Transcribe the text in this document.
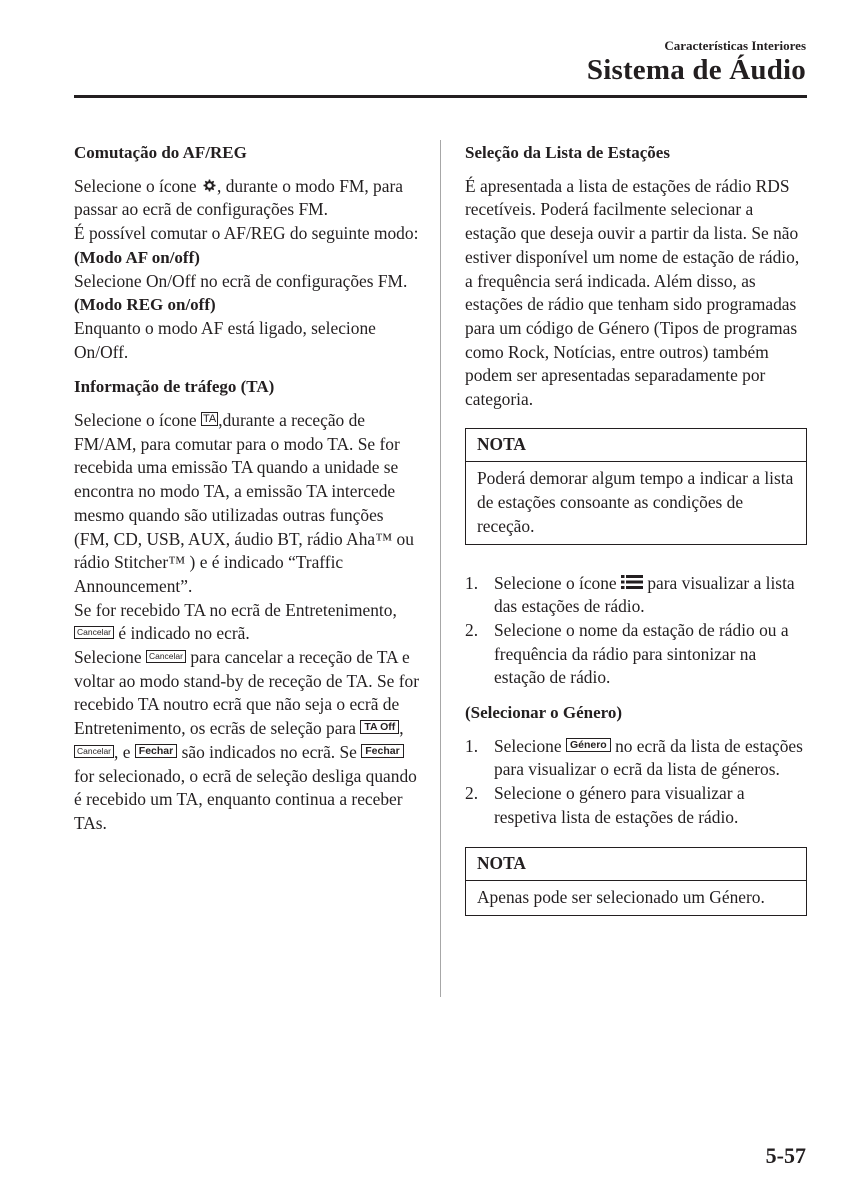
Características Interiores
Sistema de Áudio

Comutação do AF/REG

Selecione o ícone , durante o modo FM, para passar ao ecrã de configurações FM.

É possível comutar o AF/REG do seguinte modo:

(Modo AF on/off)

Selecione On/Off no ecrã de configurações FM.

(Modo REG on/off)

Enquanto o modo AF está ligado, selecione On/Off.

Informação de tráfego (TA)

Selecione o ícone TA ,durante a receção de FM/AM, para comutar para o modo TA. Se for recebida uma emissão TA quando a unidade se encontra no modo TA, a emissão TA intercede mesmo quando são utilizadas outras funções (FM, CD, USB, AUX, áudio BT, rádio Aha™ ou rádio Stitcher™ ) e é indicado “Traffic Announcement”.

Se for recebido TA no ecrã de Entretenimento, Cancelar é indicado no ecrã.

Selecione Cancelar para cancelar a receção de TA e voltar ao modo stand-by de receção de TA. Se for recebido TA noutro ecrã que não seja o ecrã de Entretenimento, os ecrãs de seleção para TA Off , Cancelar , e Fechar são indicados no ecrã. Se Fechar for selecionado, o ecrã de seleção desliga quando é recebido um TA, enquanto continua a receber TAs.

Seleção da Lista de Estações

É apresentada a lista de estações de rádio RDS recetíveis. Poderá facilmente selecionar a estação que deseja ouvir a partir da lista. Se não estiver disponível um nome de estação de rádio, a frequência será indicada. Além disso, as estações de rádio que tenham sido programadas para um código de Género (Tipos de programas como Rock, Notícias, entre outros) também podem ser apresentadas separadamente por categoria.

NOTA
Poderá demorar algum tempo a indicar a lista de estações consoante as condições de receção.
1. Selecione o ícone  para visualizar a lista das estações de rádio.
2. Selecione o nome da estação de rádio ou a frequência da rádio para sintonizar na estação de rádio.

(Selecionar o Género)

1. Selecione Género no ecrã da lista de estações para visualizar o ecrã da lista de géneros.
2. Selecione o género para visualizar a respetiva lista de estações de rádio.
NOTA
Apenas pode ser selecionado um Género.
5-57
